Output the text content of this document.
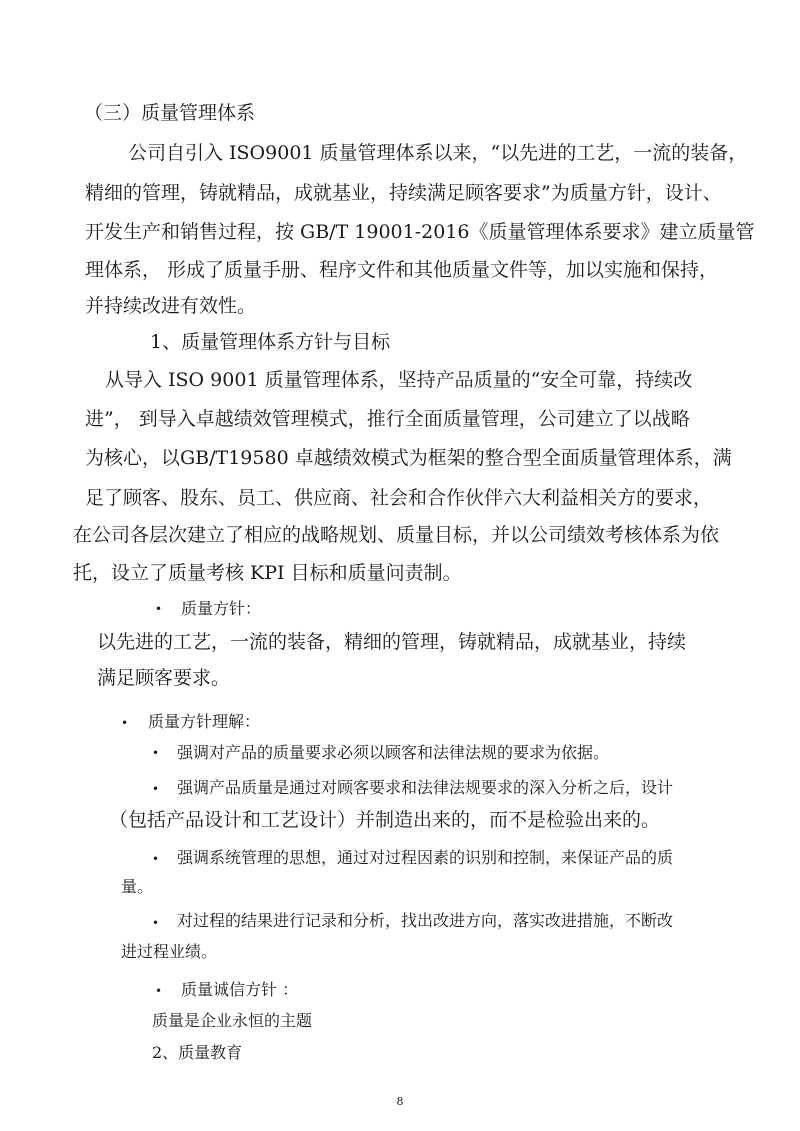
（三）质量管理体系
公司自引入 ISO9001 质量管理体系以来，“以先进的工艺，一流的装备，
精细的管理，铸就精品，成就基业，持续满足顾客要求”为质量方针，设计、
开发生产和销售过程，按 GB/T 19001-2016《质量管理体系要求》建立质量管
理体系， 形成了质量手册、程序文件和其他质量文件等，加以实施和保持，
并持续改进有效性。
1、质量管理体系方针与目标
从导入 ISO 9001 质量管理体系，坚持产品质量的“安全可靠，持续改
进”， 到导入卓越绩效管理模式，推行全面质量管理，公司建立了以战略
为核心，以GB/T19580 卓越绩效模式为框架的整合型全面质量管理体系，满
足了顾客、股东、员工、供应商、社会和合作伙伴六大利益相关方的要求，
在公司各层次建立了相应的战略规划、质量目标，并以公司绩效考核体系为依
托，设立了质量考核 KPI 目标和质量问责制。
• 质量方针：
以先进的工艺，一流的装备，精细的管理，铸就精品，成就基业，持续
满足顾客要求。
• 质量方针理解：
• 强调对产品的质量要求必须以顾客和法律法规的要求为依据。
• 强调产品质量是通过对顾客要求和法律法规要求的深入分析之后，设计
（包括产品设计和工艺设计）并制造出来的，而不是检验出来的。
• 强调系统管理的思想，通过对过程因素的识别和控制，来保证产品的质
量。
• 对过程的结果进行记录和分析，找出改进方向，落实改进措施，不断改
进过程业绩。
• 质量诚信方针 ：
质量是企业永恒的主题
2、质量教育
8
